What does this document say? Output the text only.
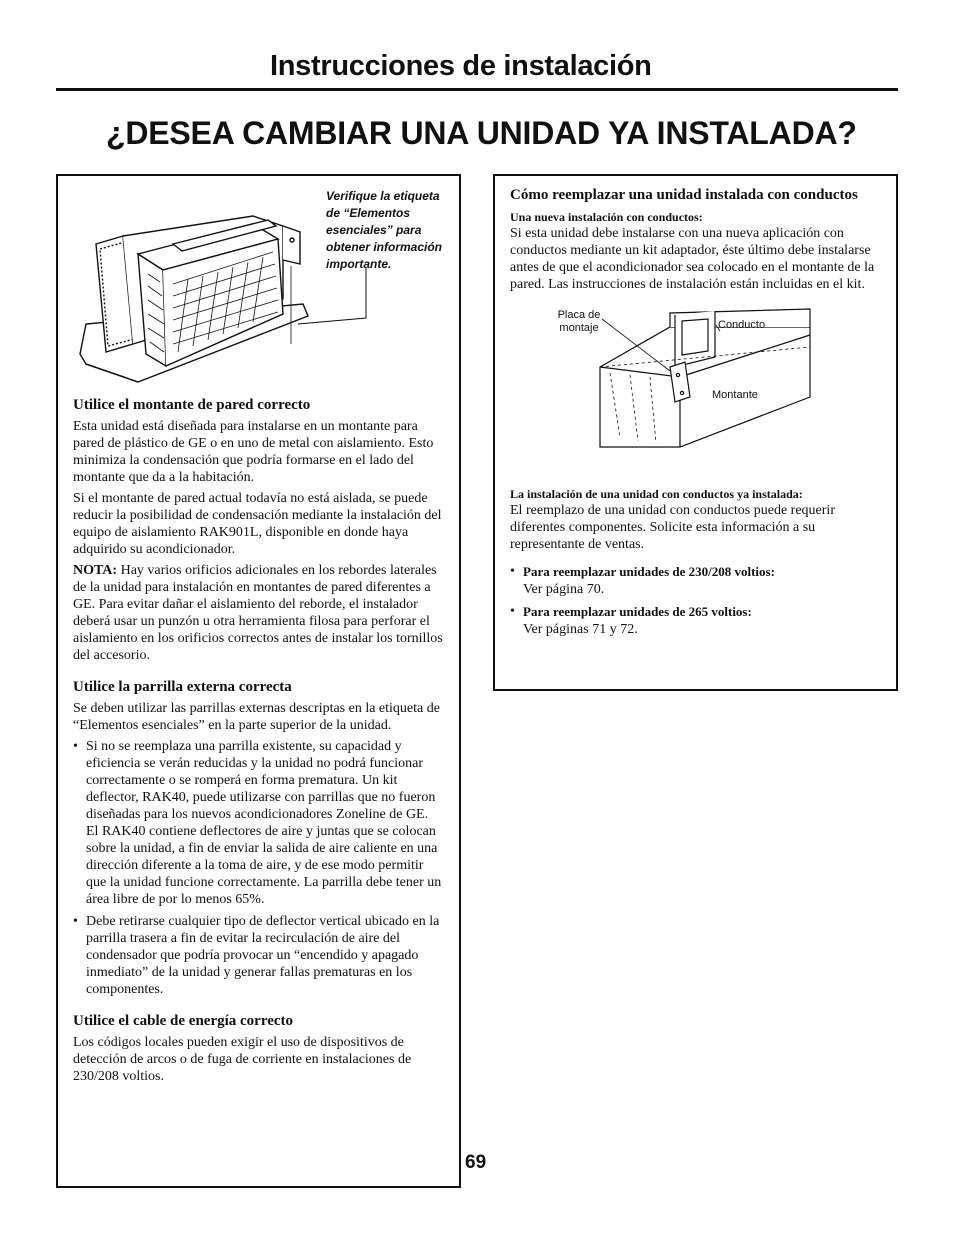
Instrucciones de instalación
¿DESEA CAMBIAR UNA UNIDAD YA INSTALADA?
Verifique la etiqueta de “Elementos esenciales” para obtener información importante.
Utilice el montante de pared correcto

Esta unidad está diseñada para instalarse en un montante para pared de plástico de GE o en uno de metal con aislamiento. Esto minimiza la condensación que podría formarse en el lado del montante que da a la habitación.

Si el montante de pared actual todavía no está aislada, se puede reducir la posibilidad de condensación mediante la instalación del equipo de aislamiento RAK901L, disponible en donde haya adquirido su acondicionador.

NOTA: Hay varios orificios adicionales en los rebordes laterales de la unidad para instalación en montantes de pared diferentes a GE. Para evitar dañar el aislamiento del reborde, el instalador deberá usar un punzón u otra herramienta filosa para perforar el aislamiento en los orificios correctos antes de instalar los tornillos del accesorio.

Utilice la parrilla externa correcta

Se deben utilizar las parrillas externas descriptas en la etiqueta de “Elementos esenciales” en la parte superior de la unidad.

• Si no se reemplaza una parrilla existente, su capacidad y eficiencia se verán reducidas y la unidad no podrá funcionar correctamente o se romperá en forma prematura. Un kit deflector, RAK40, puede utilizarse con parrillas que no fueron diseñadas para los nuevos acondicionadores Zoneline de GE. El RAK40 contiene deflectores de aire y juntas que se colocan sobre la unidad, a fin de enviar la salida de aire caliente en una dirección diferente a la toma de aire, y de ese modo permitir que la unidad funcione correctamente. La parrilla debe tener un área libre de por lo menos 65%.
• Debe retirarse cualquier tipo de deflector vertical ubicado en la parrilla trasera a fin de evitar la recirculación de aire del condensador que podría provocar un “encendido y apagado inmediato” de la unidad y generar fallas prematuras en los componentes.
Utilice el cable de energía correcto

Los códigos locales pueden exigir el uso de dispositivos de detección de arcos o de fuga de corriente en instalaciones de 230/208 voltios.

Cómo reemplazar una unidad instalada con conductos

Una nueva instalación con conductos:

Si esta unidad debe instalarse con una nueva aplicación con conductos mediante un kit adaptador, éste último debe instalarse antes de que el acondicionador sea colocado en el montante de la pared. Las instrucciones de instalación están incluidas en el kit.

Placa de montaje	Conducto
Montante

La instalación de una unidad con conductos ya instalada:

El reemplazo de una unidad con conductos puede requerir diferentes componentes. Solicite esta información a su representante de ventas.

• Para reemplazar unidades de 230/208 voltios:
Ver página 70.
• Para reemplazar unidades de 265 voltios:
Ver páginas 71 y 72.
69
